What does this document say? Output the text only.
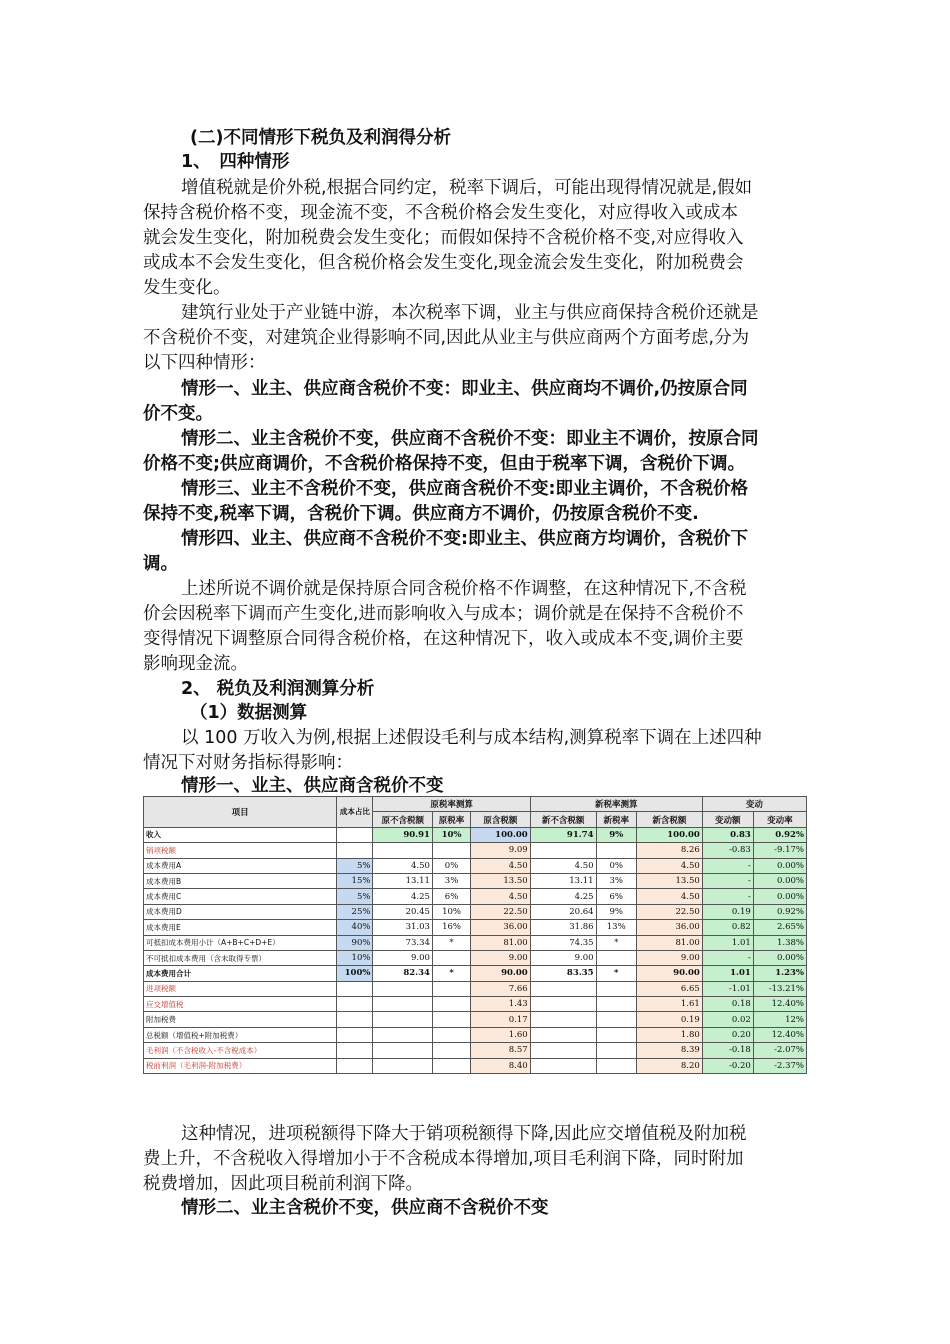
(二)不同情形下税负及利润得分析
1、　四种情形
增值税就是价外税,根据合同约定，税率下调后，可能出现得情况就是,假如
保持含税价格不变，现金流不变，不含税价格会发生变化，对应得收入或成本
就会发生变化，附加税费会发生变化；而假如保持不含税价格不变,对应得收入
或成本不会发生变化，但含税价格会发生变化,现金流会发生变化，附加税费会
发生变化。
建筑行业处于产业链中游，本次税率下调，业主与供应商保持含税价还就是
不含税价不变，对建筑企业得影响不同,因此从业主与供应商两个方面考虑,分为
以下四种情形：
情形一、业主、供应商含税价不变：即业主、供应商均不调价,仍按原合同
价不变。
情形二、业主含税价不变，供应商不含税价不变：即业主不调价，按原合同
价格不变;供应商调价，不含税价格保持不变，但由于税率下调，含税价下调。
情形三、业主不含税价不变，供应商含税价不变:即业主调价，不含税价格
保持不变,税率下调，含税价下调。供应商方不调价，仍按原含税价不变.
情形四、业主、供应商不含税价不变:即业主、供应商方均调价，含税价下
调。
上述所说不调价就是保持原合同含税价格不作调整，在这种情况下,不含税
价会因税率下调而产生变化,进而影响收入与成本；调价就是在保持不含税价不
变得情况下调整原合同得含税价格，在这种情况下，收入或成本不变,调价主要
影响现金流。
2、 税负及利润测算分析
（1）数据测算
以 100 万收入为例,根据上述假设毛利与成本结构,测算税率下调在上述四种
情况下对财务指标得影响：
情形一、业主、供应商含税价不变
项目	成本占比	原税率测算			新税率测算			变动	
		原不含税额	原税率	原含税额	新不含税额	新税率	新含税额	变动额	变动率
收入		90.91	10%	100.00	91.74	9%	100.00	0.83	0.92%
销项税额				9.09			8.26	-0.83	-9.17%
成本费用A	5%	4.50	0%	4.50	4.50	0%	4.50	-	0.00%
成本费用B	15%	13.11	3%	13.50	13.11	3%	13.50	-	0.00%
成本费用C	5%	4.25	6%	4.50	4.25	6%	4.50	-	0.00%
成本费用D	25%	20.45	10%	22.50	20.64	9%	22.50	0.19	0.92%
成本费用E	40%	31.03	16%	36.00	31.86	13%	36.00	0.82	2.65%
可抵扣成本费用小计（A+B+C+D+E）	90%	73.34	*	81.00	74.35	*	81.00	1.01	1.38%
不可抵扣成本费用（含未取得专票）	10%	9.00		9.00	9.00		9.00	-	0.00%
成本费用合计	100%	82.34	*	90.00	83.35	*	90.00	1.01	1.23%
进项税额				7.66			6.65	-1.01	-13.21%
应交增值税				1.43			1.61	0.18	12.40%
附加税费				0.17			0.19	0.02	12%
总税额（增值税+附加税费）				1.60			1.80	0.20	12.40%
毛利润（不含税收入-不含税成本）				8.57			8.39	-0.18	-2.07%
税前利润（毛利润-附加税费）				8.40			8.20	-0.20	-2.37%
这种情况，进项税额得下降大于销项税额得下降,因此应交增值税及附加税
费上升，不含税收入得增加小于不含税成本得增加,项目毛利润下降，同时附加
税费增加，因此项目税前利润下降。
情形二、业主含税价不变，供应商不含税价不变
